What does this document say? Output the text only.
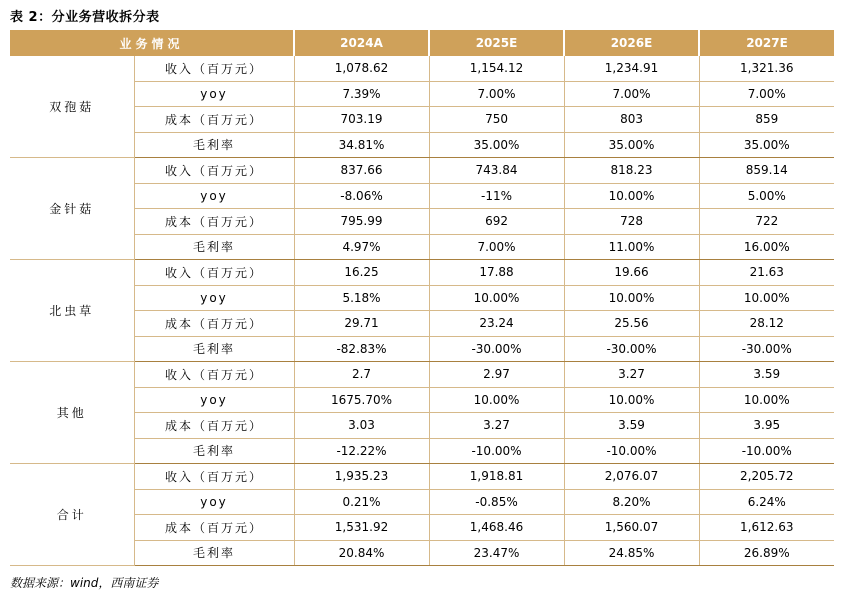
表 2：分业务营收拆分表
业务情况		2024A	2025E	2026E	2027E
双孢菇	收入（百万元）	1,078.62	1,154.12	1,234.91	1,321.36
	yoy	7.39%	7.00%	7.00%	7.00%
	成本（百万元）	703.19	750	803	859
	毛利率	34.81%	35.00%	35.00%	35.00%
金针菇	收入（百万元）	837.66	743.84	818.23	859.14
	yoy	-8.06%	-11%	10.00%	5.00%
	成本（百万元）	795.99	692	728	722
	毛利率	4.97%	7.00%	11.00%	16.00%
北虫草	收入（百万元）	16.25	17.88	19.66	21.63
	yoy	5.18%	10.00%	10.00%	10.00%
	成本（百万元）	29.71	23.24	25.56	28.12
	毛利率	-82.83%	-30.00%	-30.00%	-30.00%
其他	收入（百万元）	2.7	2.97	3.27	3.59
	yoy	1675.70%	10.00%	10.00%	10.00%
	成本（百万元）	3.03	3.27	3.59	3.95
	毛利率	-12.22%	-10.00%	-10.00%	-10.00%
合计	收入（百万元）	1,935.23	1,918.81	2,076.07	2,205.72
	yoy	0.21%	-0.85%	8.20%	6.24%
	成本（百万元）	1,531.92	1,468.46	1,560.07	1,612.63
	毛利率	20.84%	23.47%	24.85%	26.89%
数据来源：wind，西南证券
